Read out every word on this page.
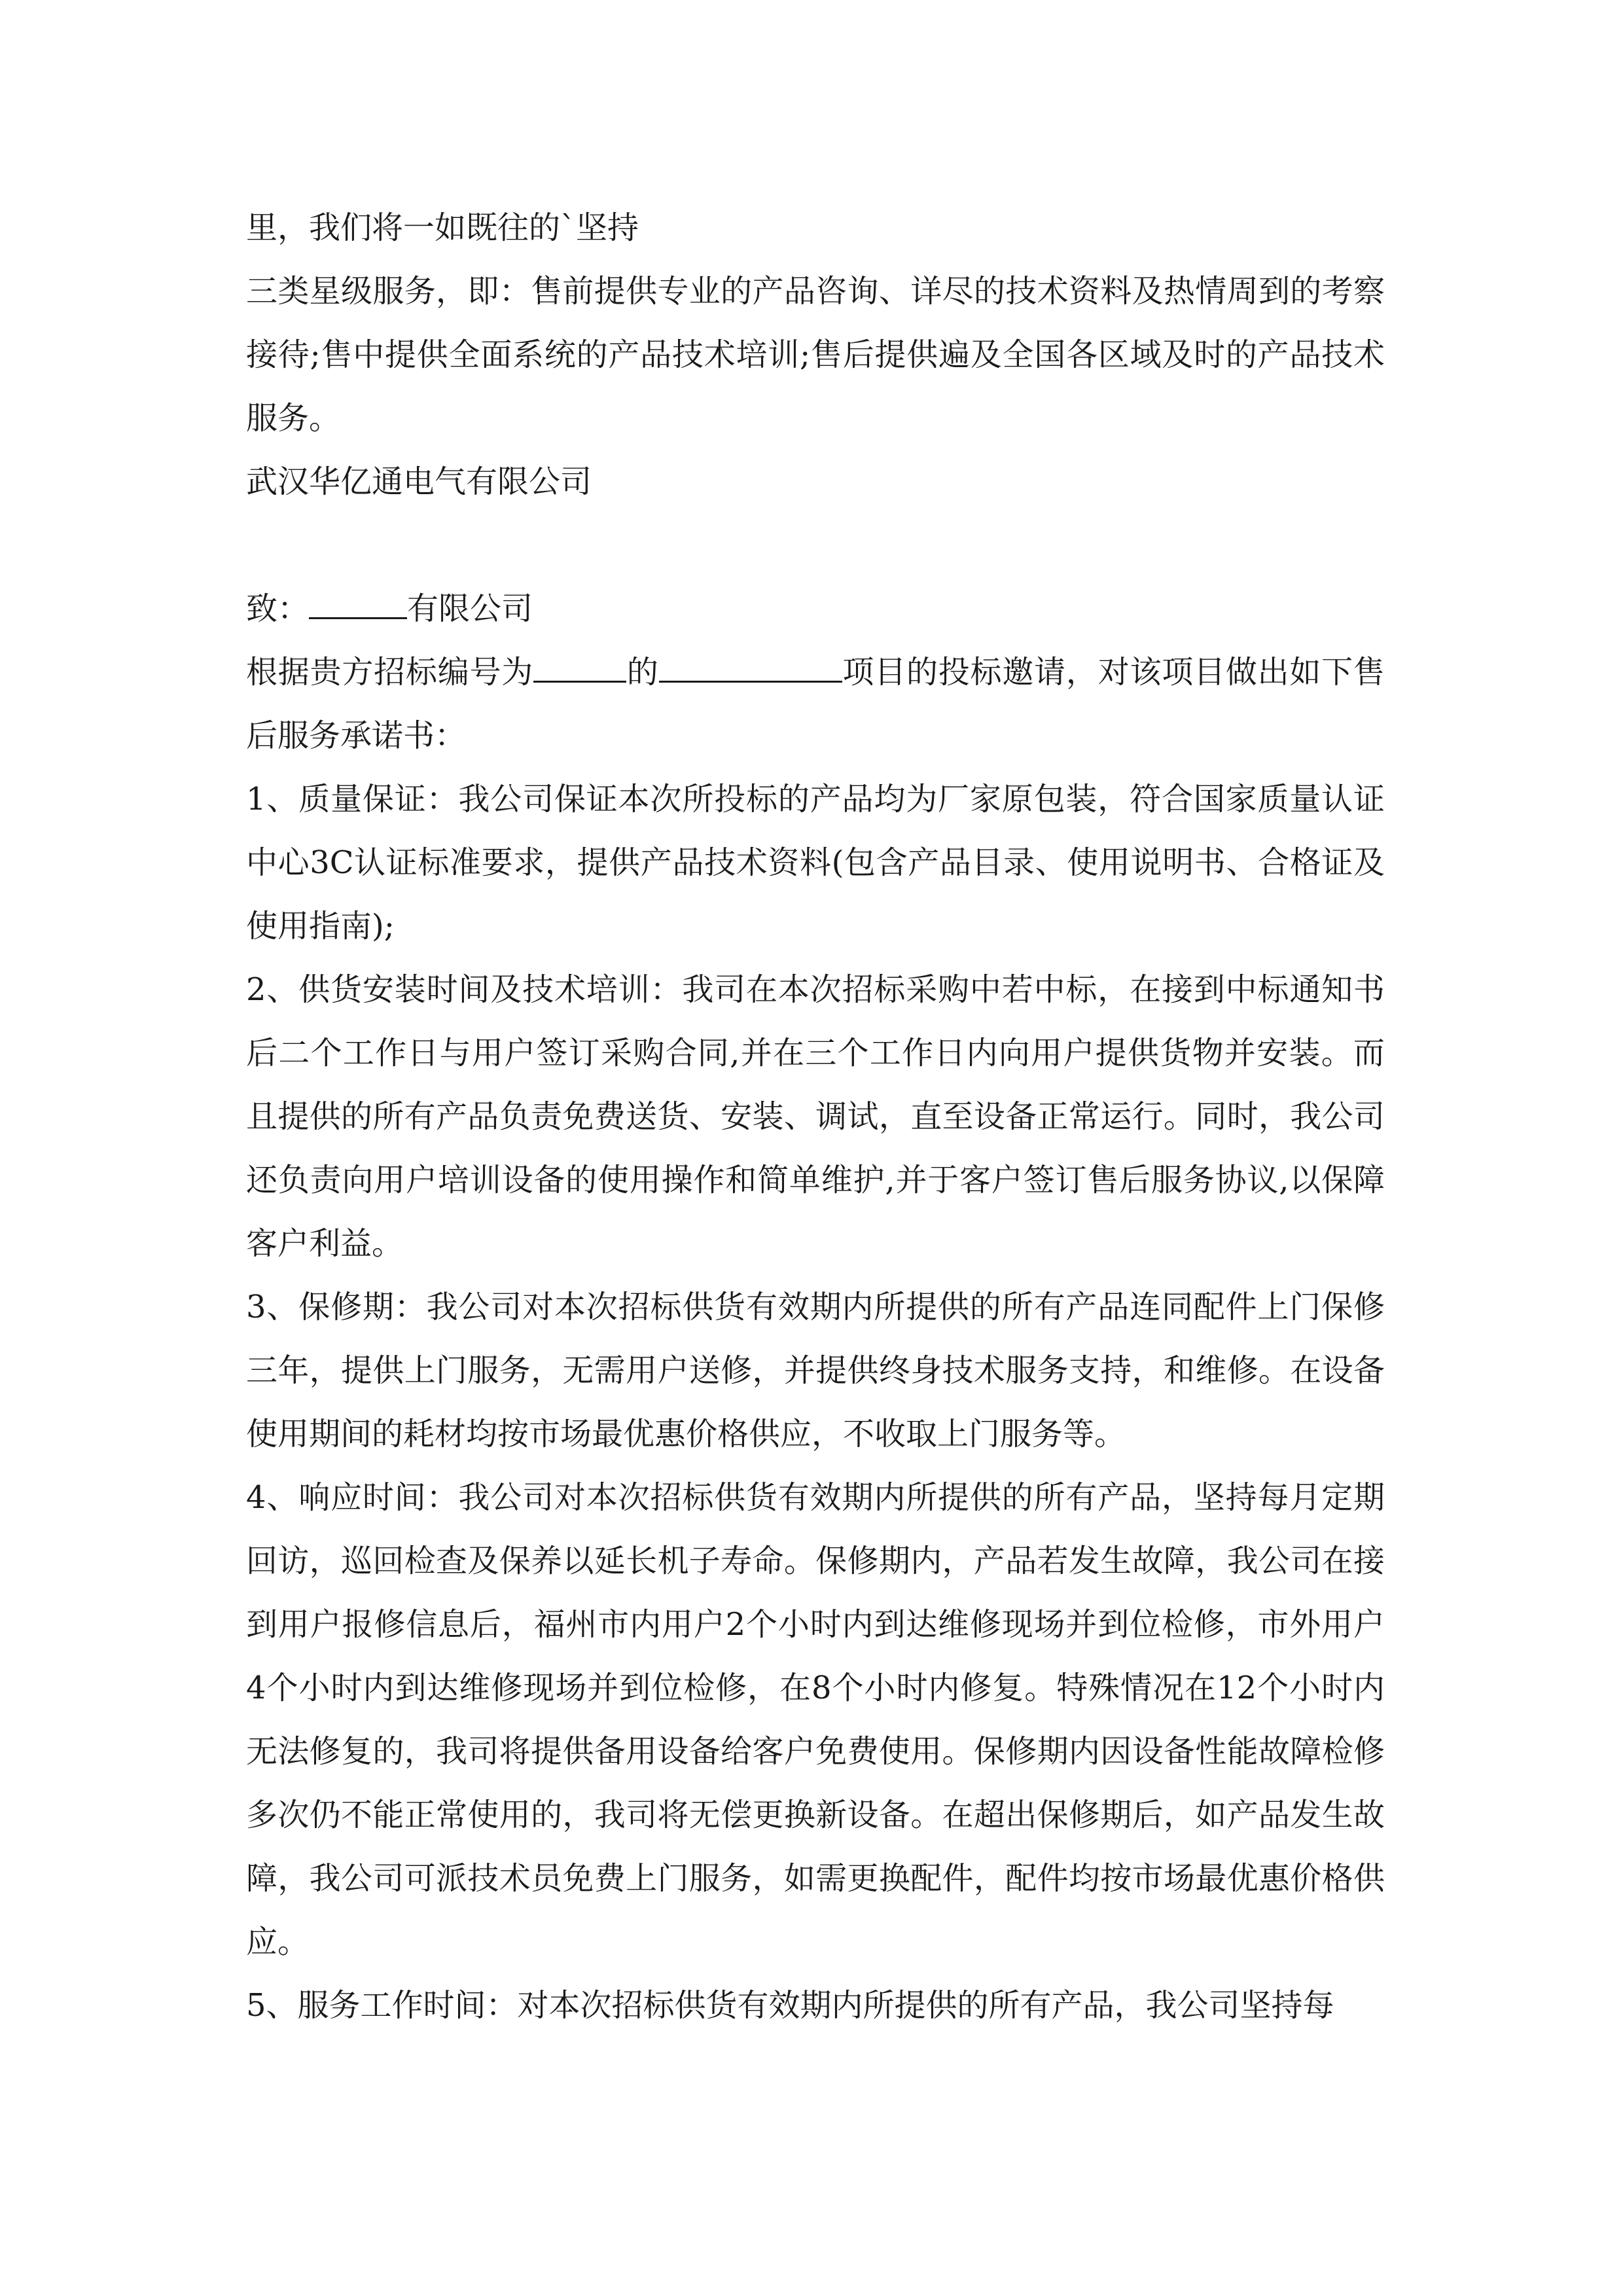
里，我们将一如既往的`坚持

三类星级服务，即：售前提供专业的产品咨询、详尽的技术资料及热情周到的考察接待;售中提供全面系统的产品技术培训;售后提供遍及全国各区域及时的产品技术服务。

武汉华亿通电气有限公司

致：	有限公司

根据贵方招标编号为	的	项目的投标邀请，对该项目做出如下售后服务承诺书：

1、质量保证：我公司保证本次所投标的产品均为厂家原包装，符合国家质量认证中心3C认证标准要求，提供产品技术资料(包含产品目录、使用说明书、合格证及使用指南);

2、供货安装时间及技术培训：我司在本次招标采购中若中标，在接到中标通知书后二个工作日与用户签订采购合同,并在三个工作日内向用户提供货物并安装。而且提供的所有产品负责免费送货、安装、调试，直至设备正常运行。同时，我公司还负责向用户培训设备的使用操作和简单维护,并于客户签订售后服务协议,以保障客户利益。

3、保修期：我公司对本次招标供货有效期内所提供的所有产品连同配件上门保修三年，提供上门服务，无需用户送修，并提供终身技术服务支持，和维修。在设备使用期间的耗材均按市场最优惠价格供应，不收取上门服务等。

4、响应时间：我公司对本次招标供货有效期内所提供的所有产品，坚持每月定期回访，巡回检查及保养以延长机子寿命。保修期内，产品若发生故障，我公司在接到用户报修信息后，福州市内用户2个小时内到达维修现场并到位检修，市外用户4个小时内到达维修现场并到位检修，在8个小时内修复。特殊情况在12个小时内无法修复的，我司将提供备用设备给客户免费使用。保修期内因设备性能故障检修多次仍不能正常使用的，我司将无偿更换新设备。在超出保修期后，如产品发生故障，我公司可派技术员免费上门服务，如需更换配件，配件均按市场最优惠价格供应。

5、服务工作时间：对本次招标供货有效期内所提供的所有产品，我公司坚持每
